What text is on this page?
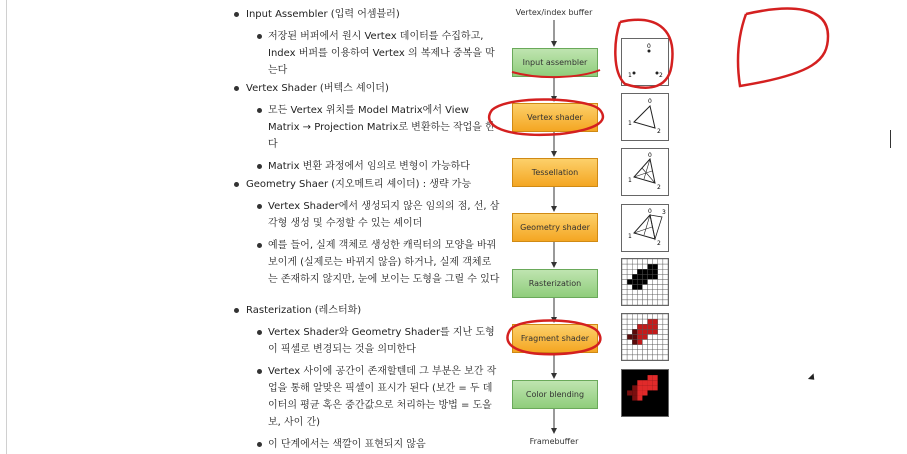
Input Assembler (입력 어셈블러)
저장된 버퍼에서 원시 Vertex 데이터를 수집하고, Index 버퍼를 이용하여 Vertex 의 복제나 중복을 막는다
Vertex Shader (버텍스 셰이더)
모든 Vertex 위치를 Model Matrix에서 View Matrix → Projection Matrix로 변환하는 작업을 한다
Matrix 변환 과정에서 임의로 변형이 가능하다
Geometry Shaer (지오메트리 셰이더) : 생략 가능
Vertex Shader에서 생성되지 않은 임의의 점, 선, 삼각형 생성 및 수정할 수 있는 셰이더
예를 들어, 실제 객체로 생성한 캐릭터의 모양을 바꿔보이게 (실제로는 바뀌지 않음) 하거나, 실제 객체로는 존재하지 않지만, 눈에 보이는 도형을 그릴 수 있다
Rasterization (레스터화)
Vertex Shader와 Geometry Shader를 지난 도형이 픽셀로 변경되는 것을 의미한다
Vertex 사이에 공간이 존재할텐데 그 부분은 보간 작업을 통해 알맞은 픽셀이 표시가 된다 (보간 = 두 데이터의 평균 혹은 중간값으로 처리하는 방법 = 도올 보, 사이 간)
이 단계에서는 색깔이 표현되지 않음
Vertex/index buffer
Framebuffer
Input assembler
Vertex shader
Tessellation
Geometry shader
Rasterization
Fragment shader
Color blending
0
1	2
0
1
2
0
1
2
0
1
2
3
